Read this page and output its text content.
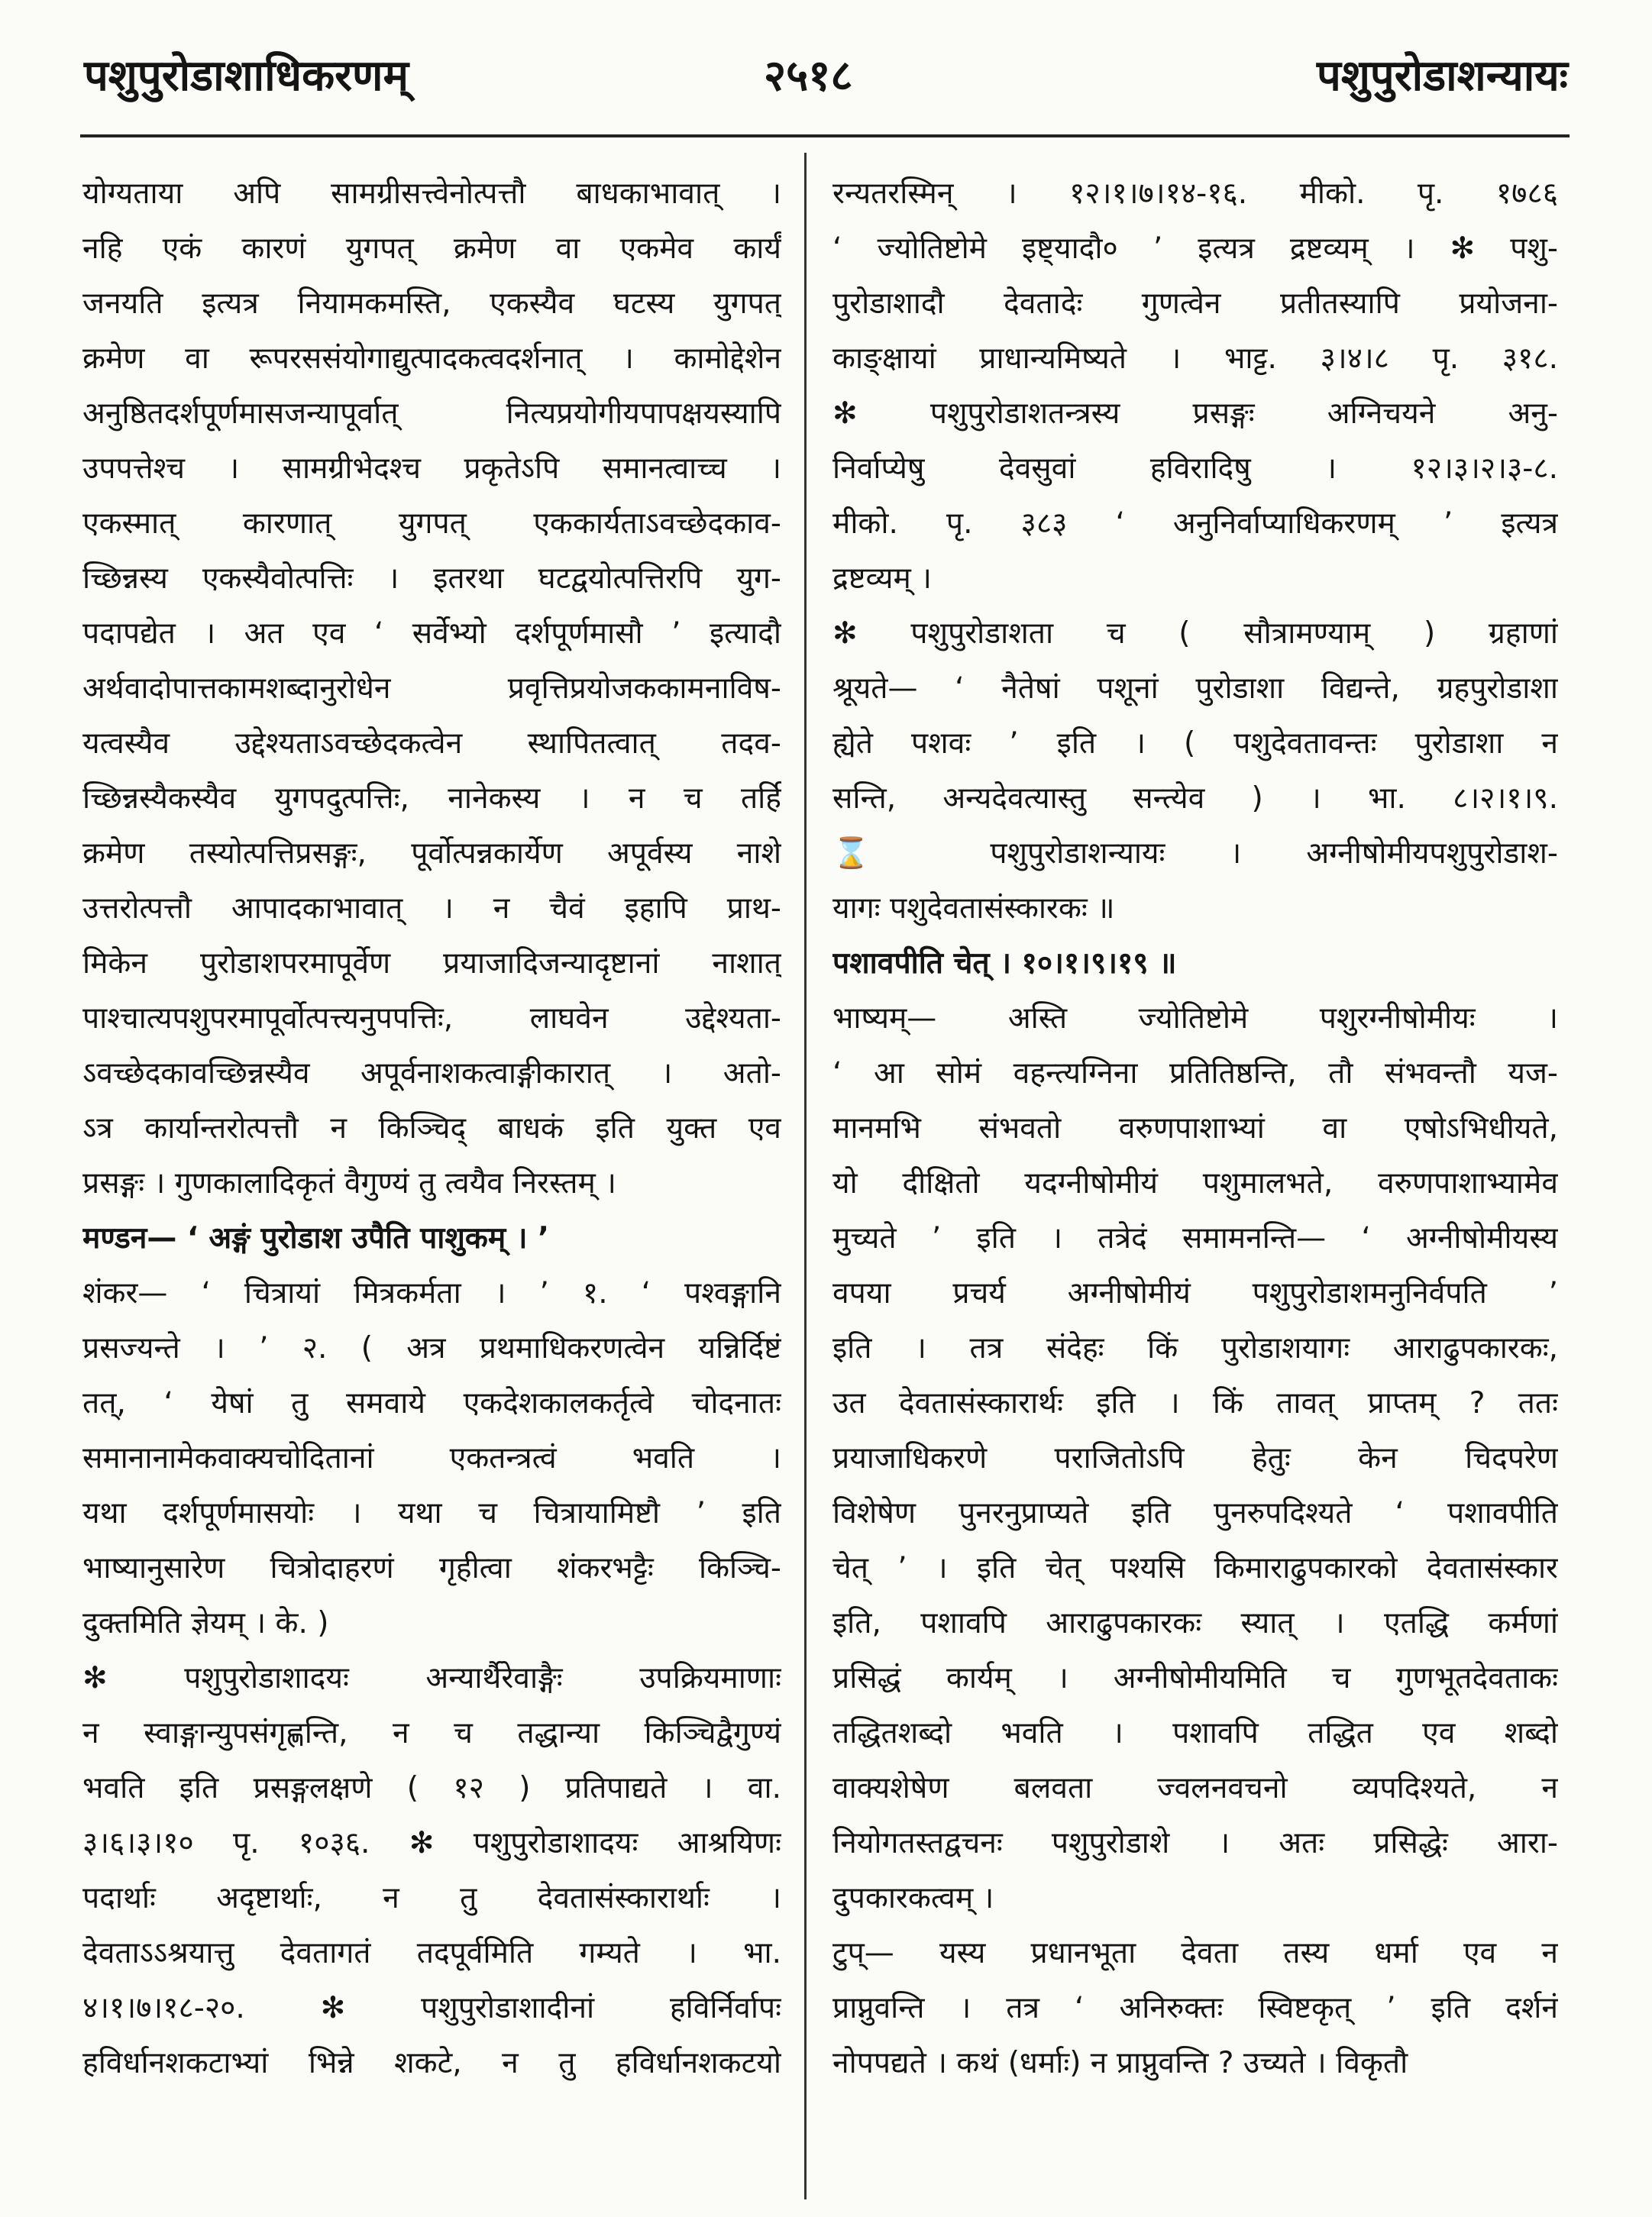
पशुपुरोडाशाधिकरणम्	२५१८	पशुपुरोडाशन्यायः
योग्यताया अपि सामग्रीसत्त्वेनोत्पत्तौ बाधकाभावात् ।
नहि एकं कारणं युगपत् क्रमेण वा एकमेव कार्यं
जनयति इत्यत्र नियामकमस्ति, एकस्यैव घटस्य युगपत्
क्रमेण वा रूपरससंयोगाद्युत्पादकत्वदर्शनात् । कामोद्देशेन
अनुष्ठितदर्शपूर्णमासजन्यापूर्वात् नित्यप्रयोगीयपापक्षयस्यापि
उपपत्तेश्च । सामग्रीभेदश्च प्रकृतेऽपि समानत्वाच्च ।
एकस्मात् कारणात् युगपत् एककार्यताऽवच्छेदकाव-
च्छिन्नस्य एकस्यैवोत्पत्तिः । इतरथा घटद्वयोत्पत्तिरपि युग-
पदापद्येत । अत एव ‘ सर्वेभ्यो दर्शपूर्णमासौ ’ इत्यादौ
अर्थवादोपात्तकामशब्दानुरोधेन प्रवृत्तिप्रयोजककामनाविष-
यत्वस्यैव उद्देश्यताऽवच्छेदकत्वेन स्थापितत्वात् तदव-
च्छिन्नस्यैकस्यैव युगपदुत्पत्तिः, नानेकस्य । न च तर्हि
क्रमेण तस्योत्पत्तिप्रसङ्गः, पूर्वोत्पन्नकार्येण अपूर्वस्य नाशे
उत्तरोत्पत्तौ आपादकाभावात् । न चैवं इहापि प्राथ-
मिकेन पुरोडाशपरमापूर्वेण प्रयाजादिजन्यादृष्टानां नाशात्
पाश्चात्यपशुपरमापूर्वोत्पत्त्यनुपपत्तिः, लाघवेन उद्देश्यता-
ऽवच्छेदकावच्छिन्नस्यैव अपूर्वनाशकत्वाङ्गीकारात् । अतो-
ऽत्र कार्यान्तरोत्पत्तौ न किञ्चिद् बाधकं इति युक्त एव
प्रसङ्गः । गुणकालादिकृतं वैगुण्यं तु त्वयैव निरस्तम् ।
मण्डन— ‘ अङ्गं पुरोडाश उपैति पाशुकम् । ’
शंकर— ‘ चित्रायां मित्रकर्मता । ’ १. ‘ पश्वङ्गानि
प्रसज्यन्ते । ’ २. ( अत्र प्रथमाधिकरणत्वेन यन्निर्दिष्टं
तत्, ‘ येषां तु समवाये एकदेशकालकर्तृत्वे चोदनातः
समानानामेकवाक्यचोदितानां एकतन्त्रत्वं भवति ।
यथा दर्शपूर्णमासयोः । यथा च चित्रायामिष्टौ ’ इति
भाष्यानुसारेण चित्रोदाहरणं गृहीत्वा शंकरभट्टैः किञ्चि-
दुक्तमिति ज्ञेयम् । के. )
✻ पशुपुरोडाशादयः अन्यार्थैरेवाङ्गैः उपक्रियमाणाः
न स्वाङ्गान्युपसंगृह्णन्ति, न च तद्धान्या किञ्चिद्वैगुण्यं
भवति इति प्रसङ्गलक्षणे ( १२ ) प्रतिपाद्यते । वा.
३।६।३।१० पृ. १०३६. ✻ पशुपुरोडाशादयः आश्रयिणः
पदार्थाः अदृष्टार्थाः, न तु देवतासंस्कारार्थाः ।
देवताऽऽश्रयात्तु देवतागतं तदपूर्वमिति गम्यते । भा.
४।१।७।१८-२०. ✻ पशुपुरोडाशादीनां हविर्निर्वापः
हविर्धानशकटाभ्यां भिन्ने शकटे, न तु हविर्धानशकटयो
रन्यतरस्मिन् । १२।१।७।१४-१६. मीको. पृ. १७८६
‘ ज्योतिष्टोमे इष्ट्यादौ० ’ इत्यत्र द्रष्टव्यम् । ✻ पशु-
पुरोडाशादौ देवतादेः गुणत्वेन प्रतीतस्यापि प्रयोजना-
काङ्क्षायां प्राधान्यमिष्यते । भाट्ट. ३।४।८ पृ. ३१८.
✻ पशुपुरोडाशतन्त्रस्य प्रसङ्गः अग्निचयने अनु-
निर्वाप्येषु देवसुवां हविरादिषु । १२।३।२।३-८.
मीको. पृ. ३८३ ‘ अनुनिर्वाप्याधिकरणम् ’ इत्यत्र
द्रष्टव्यम् ।
✻ पशुपुरोडाशता च ( सौत्रामण्याम् ) ग्रहाणां
श्रूयते— ‘ नैतेषां पशूनां पुरोडाशा विद्यन्ते, ग्रहपुरोडाशा
ह्येते पशवः ’ इति । ( पशुदेवतावन्तः पुरोडाशा न
सन्ति, अन्यदेवत्यास्तु सन्त्येव ) । भा. ८।२।१।९.
⌛ पशुपुरोडाशन्यायः । अग्नीषोमीयपशुपुरोडाश-
यागः पशुदेवतासंस्कारकः ॥
पशावपीति चेत् । १०।१।९।१९ ॥
भाष्यम्— अस्ति ज्योतिष्टोमे पशुरग्नीषोमीयः ।
‘ आ सोमं वहन्त्यग्निना प्रतितिष्ठन्ति, तौ संभवन्तौ यज-
मानमभि संभवतो वरुणपाशाभ्यां वा एषोऽभिधीयते,
यो दीक्षितो यदग्नीषोमीयं पशुमालभते, वरुणपाशाभ्यामेव
मुच्यते ’ इति । तत्रेदं समामनन्ति— ‘ अग्नीषोमीयस्य
वपया प्रचर्य अग्नीषोमीयं पशुपुरोडाशमनुनिर्वपति ’
इति । तत्र संदेहः किं पुरोडाशयागः आराढुपकारकः,
उत देवतासंस्कारार्थः इति । किं तावत् प्राप्तम् ? ततः
प्रयाजाधिकरणे पराजितोऽपि हेतुः केन चिदपरेण
विशेषेण पुनरनुप्राप्यते इति पुनरुपदिश्यते ‘ पशावपीति
चेत् ’ । इति चेत् पश्यसि किमाराढुपकारको देवतासंस्कार
इति, पशावपि आराढुपकारकः स्यात् । एतद्धि कर्मणां
प्रसिद्धं कार्यम् । अग्नीषोमीयमिति च गुणभूतदेवताकः
तद्धितशब्दो भवति । पशावपि तद्धित एव शब्दो
वाक्यशेषेण बलवता ज्वलनवचनो व्यपदिश्यते, न
नियोगतस्तद्वचनः पशुपुरोडाशे । अतः प्रसिद्धेः आरा-
दुपकारकत्वम् ।
टुप्— यस्य प्रधानभूता देवता तस्य धर्मा एव न
प्राप्नुवन्ति । तत्र ‘ अनिरुक्तः स्विष्टकृत् ’ इति दर्शनं
नोपपद्यते । कथं (धर्माः) न प्राप्नुवन्ति ? उच्यते । विकृतौ
